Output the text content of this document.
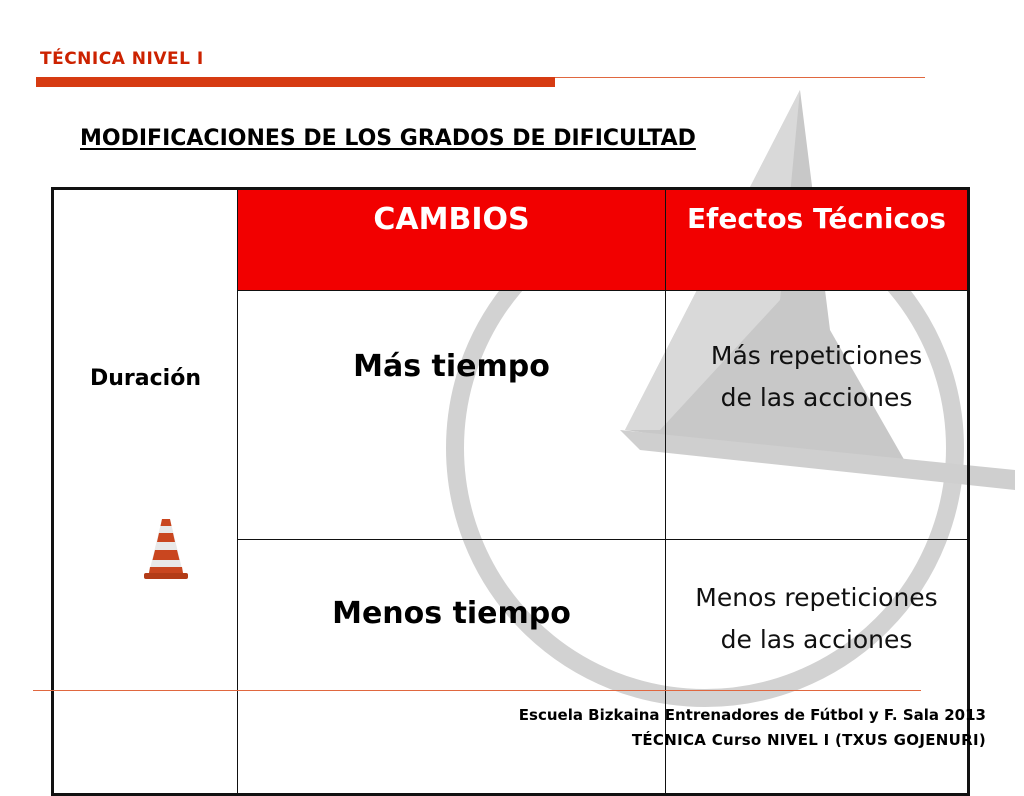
TÉCNICA NIVEL I
MODIFICACIONES DE LOS GRADOS DE DIFICULTAD
Duración	CAMBIOS	Efectos Técnicos
	Más tiempo	Más repeticiones
de las acciones

	Menos tiempo	Menos repeticiones
de las acciones
Escuela Bizkaina Entrenadores de Fútbol y F. Sala 2013
TÉCNICA Curso NIVEL I (TXUS GOJENURI)
